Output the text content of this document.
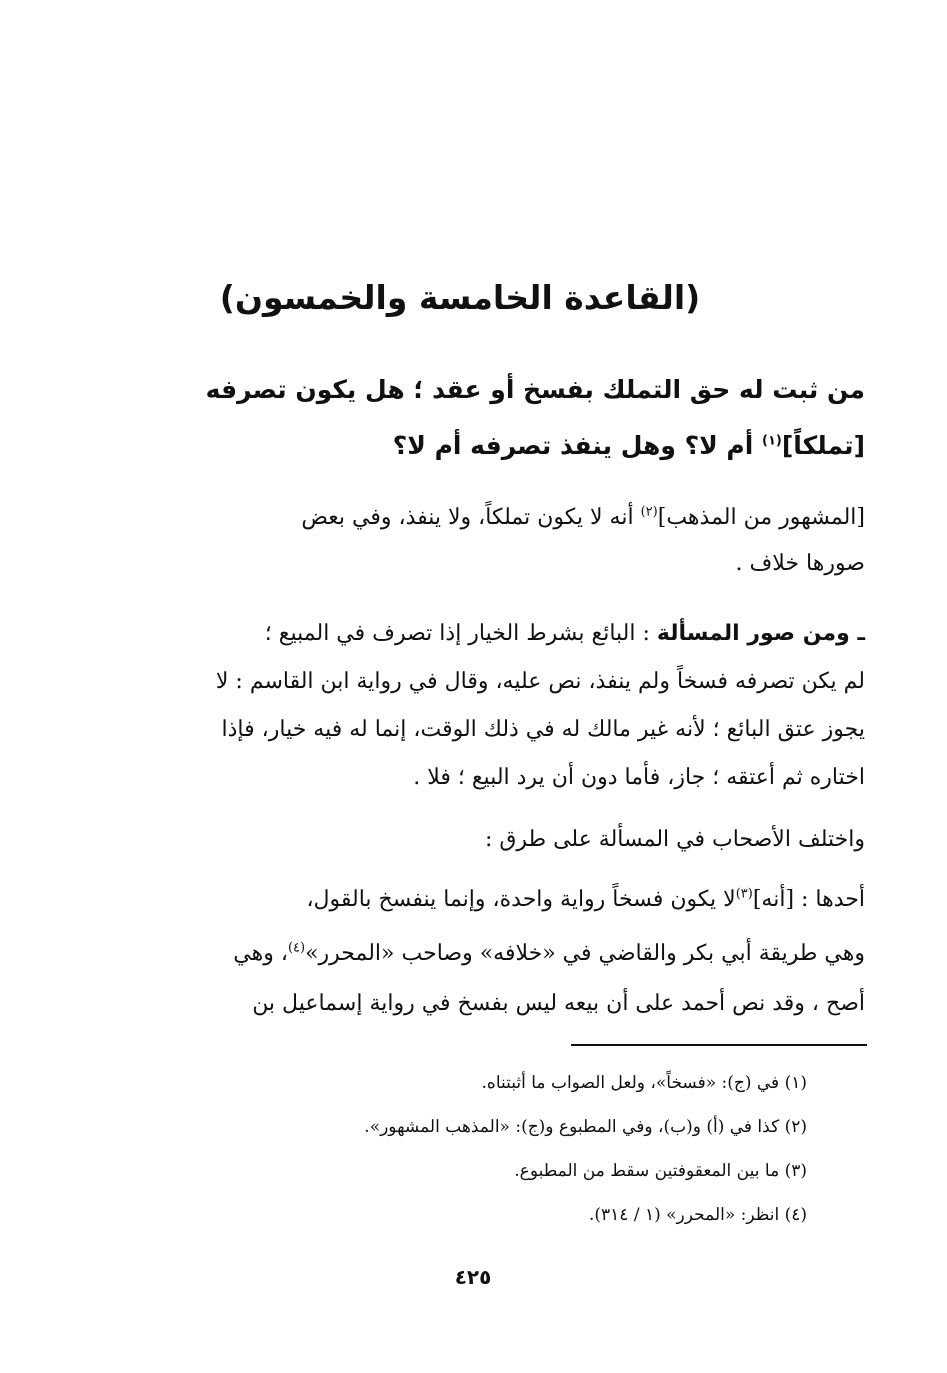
(القاعدة الخامسة والخمسون)
من ثبت له حق التملك بفسخ أو عقد ؛ هل يكون تصرفه
[تملكاً]$^{(١)}$ أم لا؟ وهل ينفذ تصرفه أم لا؟
[المشهور من المذهب]$^{(٢)}$ أنه لا يكون تملكاً، ولا ينفذ، وفي بعض
صورها خلاف .
ـ ومن صور المسألة : البائع بشرط الخيار إذا تصرف في المبيع ؛
لم يكن تصرفه فسخاً ولم ينفذ، نص عليه، وقال في رواية ابن القاسم : لا
يجوز عتق البائع ؛ لأنه غير مالك له في ذلك الوقت، إنما له فيه خيار، فإذا
اختاره ثم أعتقه ؛ جاز، فأما دون أن يرد البيع ؛ فلا .
واختلف الأصحاب في المسألة على طرق :
أحدها : [أنه]$^{(٣)}$لا يكون فسخاً رواية واحدة، وإنما ينفسخ بالقول،
وهي طريقة أبي بكر والقاضي في «خلافه» وصاحب «المحرر»$^{(٤)}$، وهي
أصح ، وقد نص أحمد على أن بيعه ليس بفسخ في رواية إسماعيل بن
(١) في (ج): «فسخاً»، ولعل الصواب ما أثبتناه.
(٢) كذا في (أ) و(ب)، وفي المطبوع و(ج): «المذهب المشهور».
(٣) ما بين المعقوفتين سقط من المطبوع.
(٤) انظر: «المحرر» (١ / ٣١٤).
٤٢٥
